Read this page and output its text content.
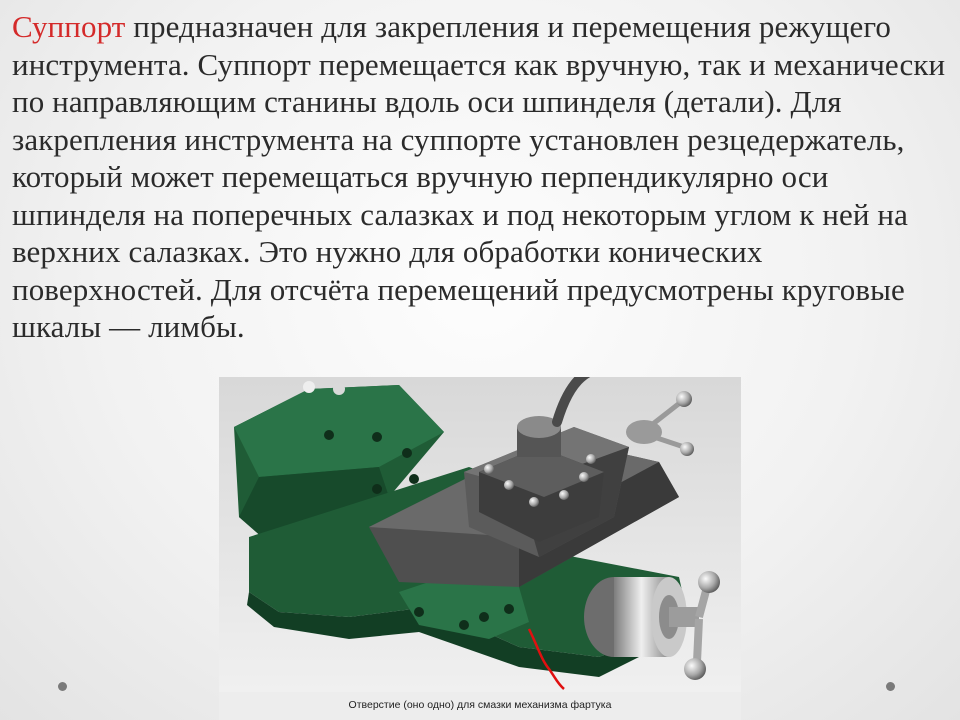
Суппорт предназначен для закрепления и перемещения режущего инструмента. Суппорт перемещается как вручную, так и механически по направляющим станины вдоль оси шпинделя (детали). Для закрепления инструмента на суппорте установлен резцедержатель, который может перемещаться вручную перпендикулярно оси шпинделя на поперечных салазках и под некоторым углом к ней на верхних салазках. Это нужно для обработки конических поверхностей. Для отсчёта перемещений предусмотрены круговые шкалы — лимбы.

Отверстие (оно одно) для смазки механизма фартука
